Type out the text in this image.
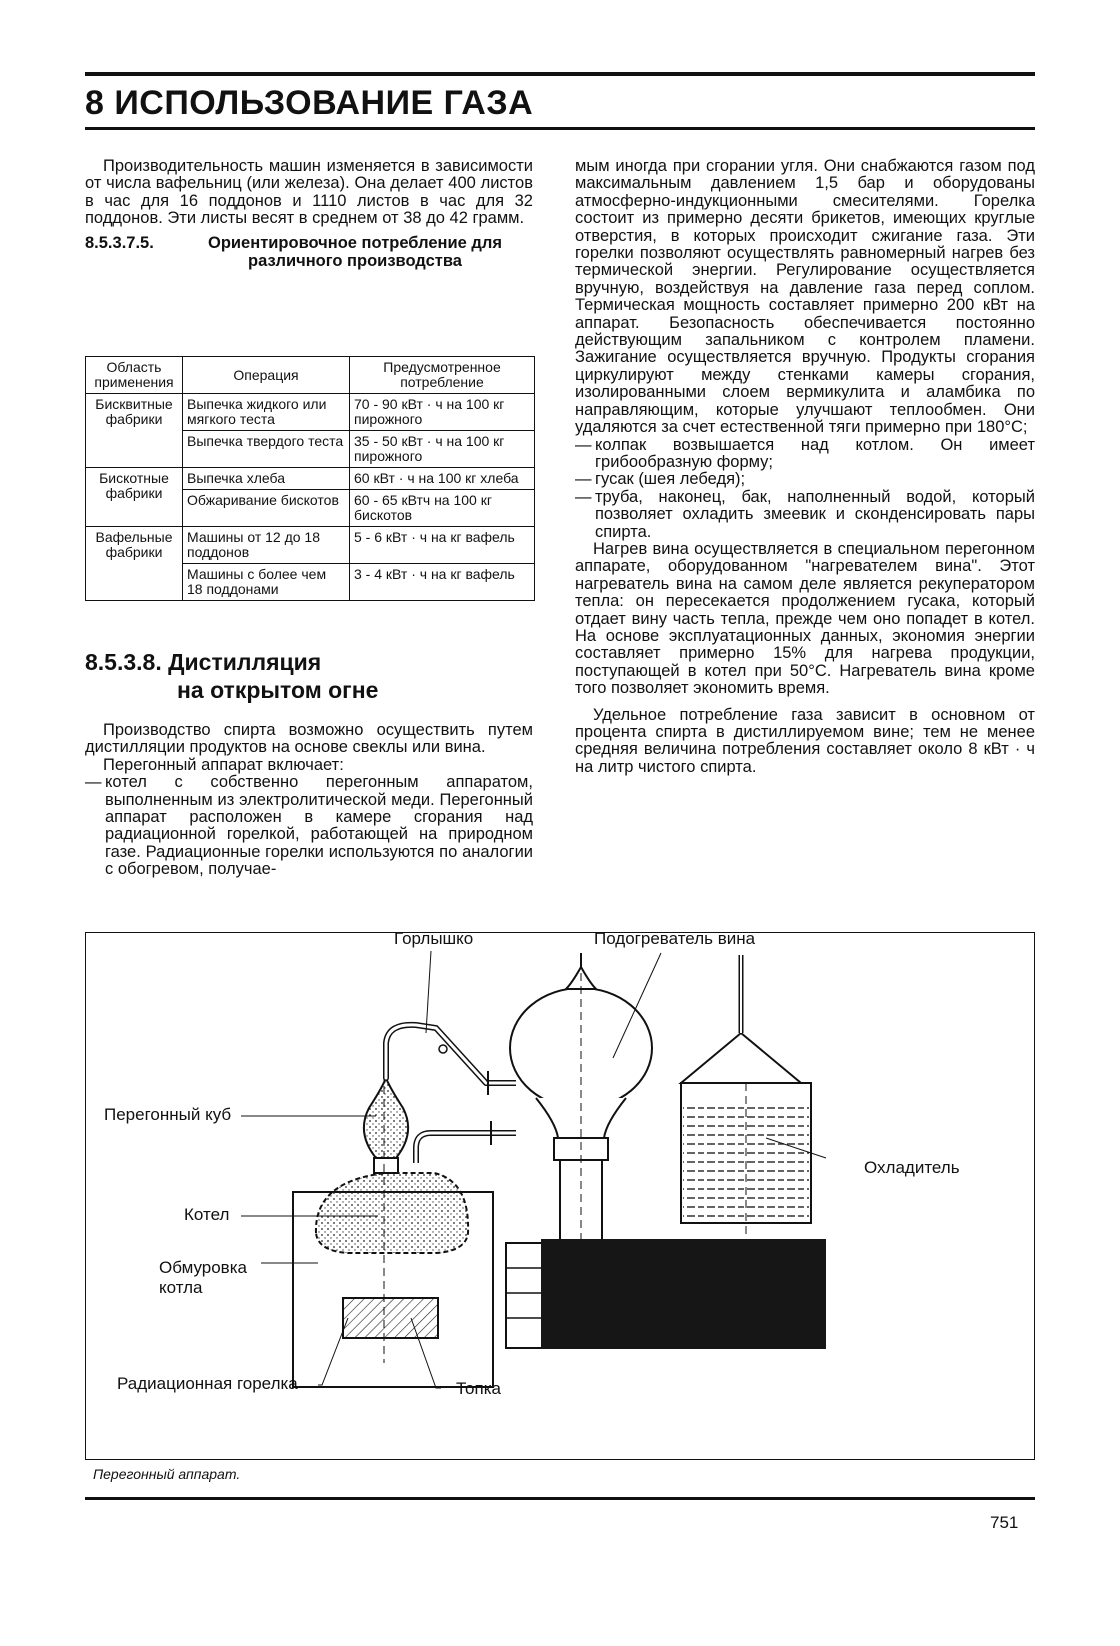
8 ИСПОЛЬЗОВАНИЕ ГАЗА

Производительность машин изменяется в зависимости от числа вафельниц (или железа). Она делает 400 листов в час для 16 поддонов и 1110 листов в час для 32 поддонов. Эти листы весят в среднем от 38 до 42 грамм.

8.5.3.7.5.	Ориентировочное потребление для различного производства
Область применения	Операция	Предусмотренное потребление
Бисквитные фабрики	Выпечка жидкого или мягкого теста	70 - 90 кВт · ч на 100 кг пирожного
	Выпечка твердого теста	35 - 50 кВт · ч на 100 кг пирожного
Бискотные фабрики	Выпечка хлеба	60 кВт · ч на 100 кг хлеба
	Обжаривание бискотов	60 - 65 кВтч на 100 кг бискотов
Вафельные фабрики	Машины от 12 до 18 поддонов	5 - 6 кВт · ч на кг вафель
	Машины с более чем 18 поддонами	3 - 4 кВт · ч на кг вафель
8.5.3.8. Дистилляция
на открытом огне

Производство спирта возможно осуществить путем дистилляции продуктов на основе свеклы или вина.

Перегонный аппарат включает:

— котел с собственно перегонным аппаратом, выполненным из электролитической меди. Перегонный аппарат расположен в камере сгорания над радиационной горелкой, работающей на природном газе. Радиационные горелки используются по аналогии с обогревом, получае-

мым иногда при сгорании угля. Они снабжаются газом под максимальным давлением 1,5 бар и оборудованы атмосферно-индукционными смесителями. Горелка состоит из примерно десяти брикетов, имеющих круглые отверстия, в которых происходит сжигание газа. Эти горелки позволяют осуществлять равномерный нагрев без термической энергии. Регулирование осуществляется вручную, воздействуя на давление газа перед соплом. Термическая мощность составляет примерно 200 кВт на аппарат. Безопасность обеспечивается постоянно действующим запальником с контролем пламени. Зажигание осуществляется вручную. Продукты сгорания циркулируют между стенками камеры сгорания, изолированными слоем вермикулита и аламбика по направляющим, которые улучшают теплообмен. Они удаляются за счет естественной тяги примерно при 180°С;

— колпак возвышается над котлом. Он имеет грибообразную форму;
— гусак (шея лебедя);
— труба, наконец, бак, наполненный водой, который позволяет охладить змеевик и сконденсировать пары спирта.

Нагрев вина осуществляется в специальном перегонном аппарате, оборудованном "нагревателем вина". Этот нагреватель вина на самом деле является рекуператором тепла: он пересекается продолжением гусака, который отдает вину часть тепла, прежде чем оно попадет в котел. На основе эксплуатационных данных, экономия энергии составляет примерно 15% для нагрева продукции, поступающей в котел при 50°С. Нагреватель вина кроме того позволяет экономить время.

Удельное потребление газа зависит в основном от процента спирта в дистиллируемом вине; тем не менее средняя величина потребления составляет около 8 кВт · ч на литр чистого спирта.

Горлышко	Подогреватель вина
Перегонный куб
Охладитель
Котел
Обмуровка
котла
Радиационная горелка	Топка
Перегонный аппарат.
751
